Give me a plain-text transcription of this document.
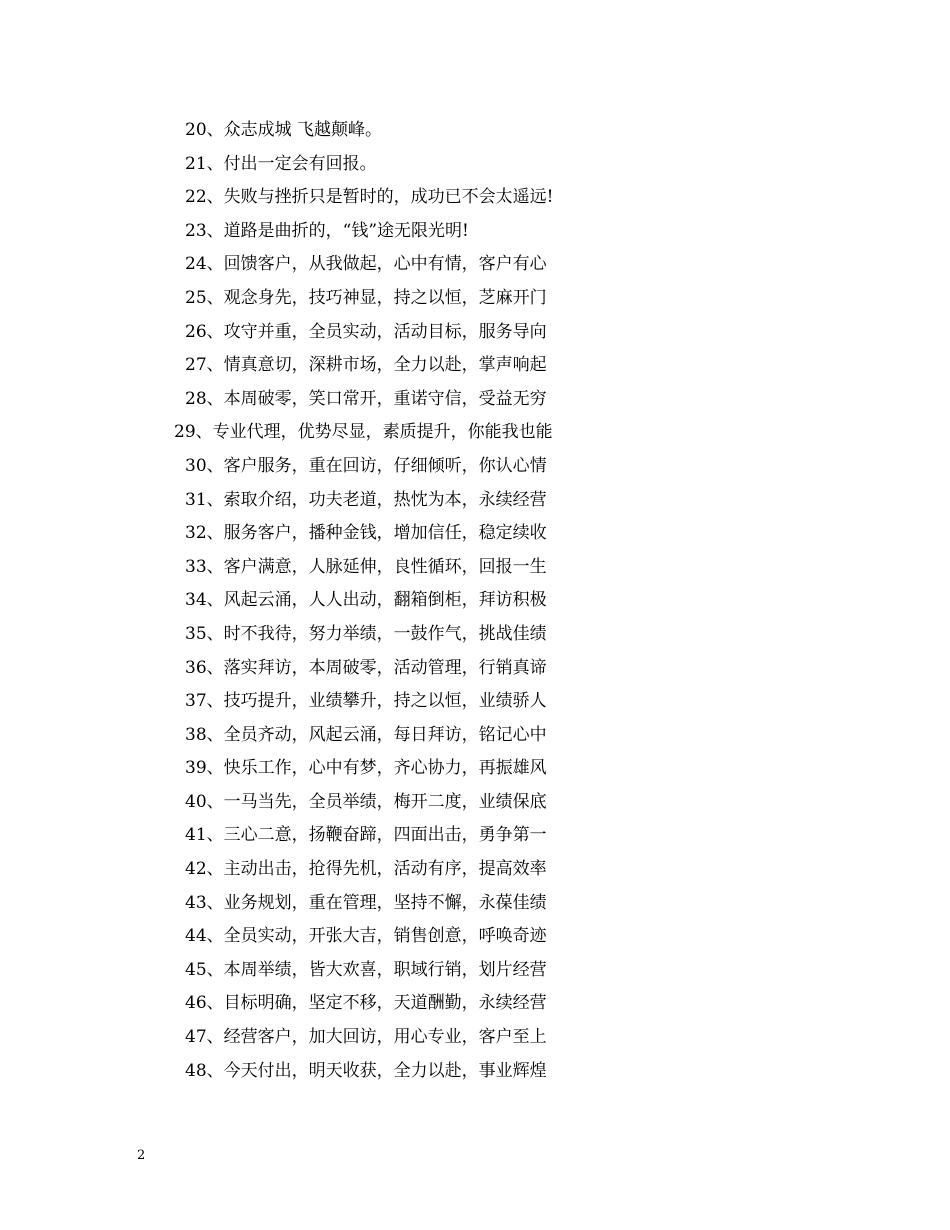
20、众志成城 飞越颠峰。
21、付出一定会有回报。
22、失败与挫折只是暂时的，成功已不会太遥远!
23、道路是曲折的，“钱”途无限光明!
24、回馈客户，从我做起，心中有情，客户有心
25、观念身先，技巧神显，持之以恒，芝麻开门
26、攻守并重，全员实动，活动目标，服务导向
27、情真意切，深耕市场，全力以赴，掌声响起
28、本周破零，笑口常开，重诺守信，受益无穷
29、专业代理，优势尽显，素质提升，你能我也能
30、客户服务，重在回访，仔细倾听，你认心情
31、索取介绍，功夫老道，热忱为本，永续经营
32、服务客户，播种金钱，增加信任，稳定续收
33、客户满意，人脉延伸，良性循环，回报一生
34、风起云涌，人人出动，翻箱倒柜，拜访积极
35、时不我待，努力举绩，一鼓作气，挑战佳绩
36、落实拜访，本周破零，活动管理，行销真谛
37、技巧提升，业绩攀升，持之以恒，业绩骄人
38、全员齐动，风起云涌，每日拜访，铭记心中
39、快乐工作，心中有梦，齐心协力，再振雄风
40、一马当先，全员举绩，梅开二度，业绩保底
41、三心二意，扬鞭奋蹄，四面出击，勇争第一
42、主动出击，抢得先机，活动有序，提高效率
43、业务规划，重在管理，坚持不懈，永葆佳绩
44、全员实动，开张大吉，销售创意，呼唤奇迹
45、本周举绩，皆大欢喜，职域行销，划片经营
46、目标明确，坚定不移，天道酬勤，永续经营
47、经营客户，加大回访，用心专业，客户至上
48、今天付出，明天收获，全力以赴，事业辉煌
2
